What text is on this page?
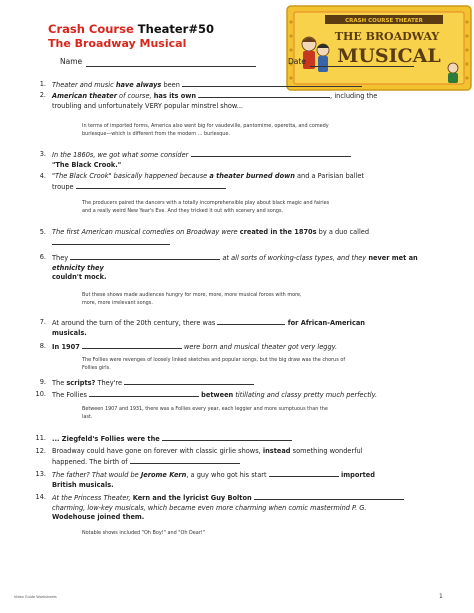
Crash Course Theater#50
The Broadway Musical
CRASH COURSE THEATER
THE BROADWAY
MUSICAL
Name	Date
1. Theater and music have always been
2. American theater of course, has its own	, including the
troubling and unfortunately VERY popular minstrel show...
In terms of imported forms, America also went big for vaudeville, pantomime, operetta, and comedy
burlesque—which is different from the modern ... burlesque.
3. In the 1860s, we got what some consider
"The Black Crook."
4. "The Black Crook" basically happened because a theater burned down and a Parisian ballet
troupe
The producers paired the dancers with a totally incomprehensible play about black magic and fairies
and a really weird New Year's Eve. And they tricked it out with scenery and songs.
5. The first American musical comedies on Broadway were created in the 1870s by a duo called

6. They	at all sorts of working-class types, and they never met an
ethnicity they
couldn't mock.
But these shows made audiences hungry for more, more, more musical forces with more,
more, more irrelevant songs.
7. At around the turn of the 20th century, there was	for African-American
musicals.
8. In 1907	were born and musical theater got very leggy.
The Follies were revenges of loosely linked sketches and popular songs, but the big draw was the chorus of
Follies girls.
9. The scripts? They're
10. The Follies	between titillating and classy pretty much perfectly.
Between 1907 and 1931, there was a Follies every year, each leggier and more sumptuous than the
last.
11. ... Ziegfeld's Follies were the
12. Broadway could have gone on forever with classic girlie shows, instead something wonderful
happened. The birth of
13. The father? That would be Jerome Kern, a guy who got his start	imported
British musicals.
14. At the Princess Theater, Kern and the lyricist Guy Bolton
charming, low-key musicals, which became even more charming when comic mastermind P. G.
Wodehouse joined them.
Notable shows included "Oh Boy!" and "Oh Dear!"
Video Guide Worksheets	1
